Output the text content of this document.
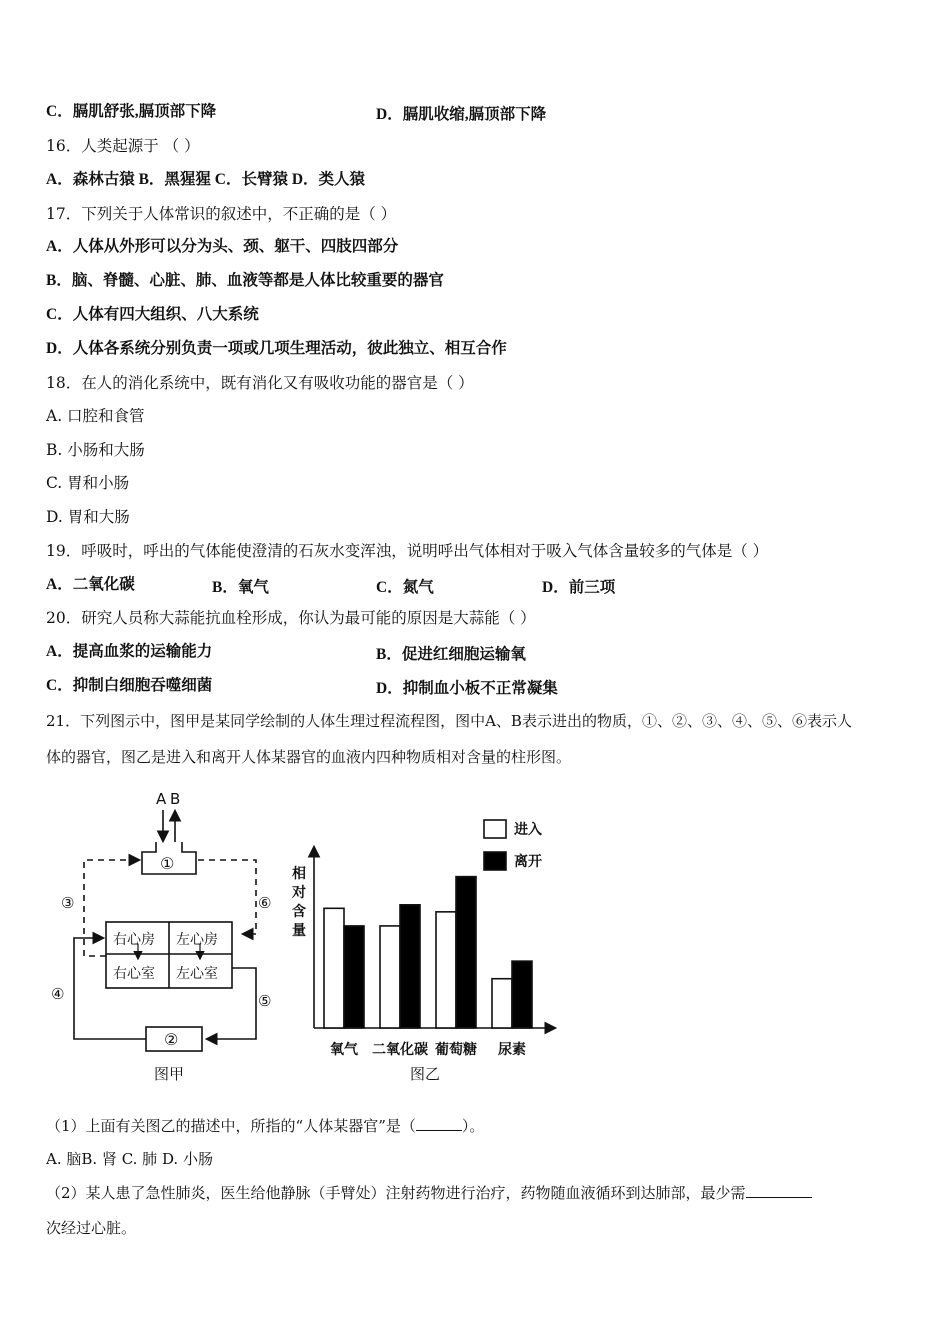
C．膈肌舒张,膈顶部下降	D．膈肌收缩,膈顶部下降
16．人类起源于 （ ）
A．森林古猿 B．黑猩猩 C．长臂猿 D．类人猿
17．下列关于人体常识的叙述中，不正确的是（ ）
A．人体从外形可以分为头、颈、躯干、四肢四部分
B．脑、脊髓、心脏、肺、血液等都是人体比较重要的器官
C．人体有四大组织、八大系统
D．人体各系统分别负责一项或几项生理活动，彼此独立、相互合作
18．在人的消化系统中，既有消化又有吸收功能的器官是（ ）
A. 口腔和食管
B. 小肠和大肠
C. 胃和小肠
D. 胃和大肠
19．呼吸时，呼出的气体能使澄清的石灰水变浑浊，说明呼出气体相对于吸入气体含量较多的气体是（ ）
A．二氧化碳	B．氧气	C．氮气	D．前三项
20．研究人员称大蒜能抗血栓形成，你认为最可能的原因是大蒜能（ ）
A．提高血浆的运输能力	B．促进红细胞运输氧
C．抑制白细胞吞噬细菌	D．抑制血小板不正常凝集
21．下列图示中，图甲是某同学绘制的人体生理过程流程图，图中A、B表示进出的物质，①、②、③、④、⑤、⑥表示人
体的器官，图乙是进入和离开人体某器官的血液内四种物质相对含量的柱形图。
A B
①
③	⑥
右心房 左心房
右心室 左心室
②
④	⑤
图甲
进入
离开
相
对
含
量
氧气 二氧化碳 葡萄糖 尿素
图乙
（1）上面有关图乙的描述中，所指的“人体某器官”是（	）。
A. 脑B. 肾 C. 肺 D. 小肠
（2）某人患了急性肺炎，医生给他静脉（手臂处）注射药物进行治疗，药物随血液循环到达肺部，最少需
次经过心脏。
